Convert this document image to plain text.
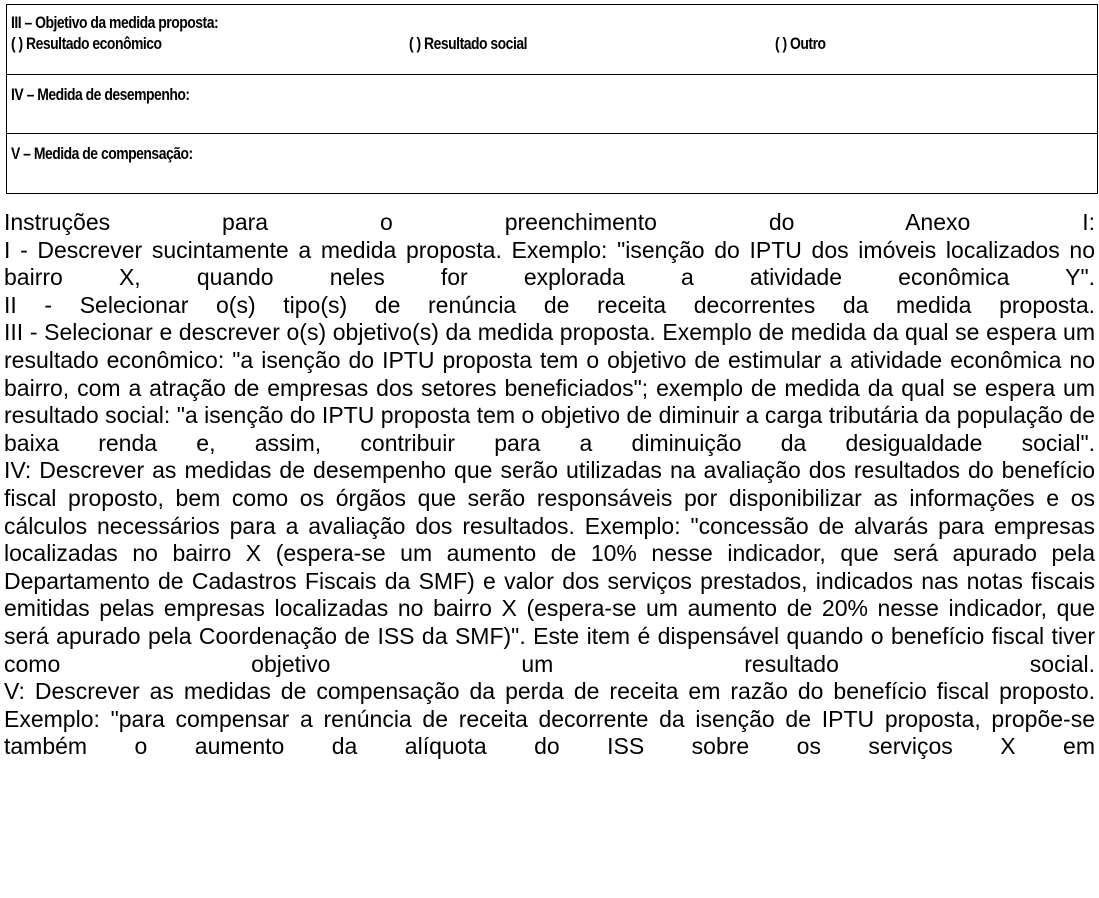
III – Objetivo da medida proposta:
( ) Resultado econômico	( ) Resultado social	( ) Outro

IV – Medida de desempenho:
V – Medida de compensação:

Instruções para o preenchimento do Anexo I:

I - Descrever sucintamente a medida proposta. Exemplo: "isenção do IPTU dos imóveis localizados no bairro X, quando neles for explorada a atividade econômica Y".

II - Selecionar o(s) tipo(s) de renúncia de receita decorrentes da medida proposta.

III - Selecionar e descrever o(s) objetivo(s) da medida proposta. Exemplo de medida da qual se espera um resultado econômico: "a isenção do IPTU proposta tem o objetivo de estimular a atividade econômica no bairro, com a atração de empresas dos setores beneficiados"; exemplo de medida da qual se espera um resultado social: "a isenção do IPTU proposta tem o objetivo de diminuir a carga tributária da população de baixa renda e, assim, contribuir para a diminuição da desigualdade social".

IV: Descrever as medidas de desempenho que serão utilizadas na avaliação dos resultados do benefício fiscal proposto, bem como os órgãos que serão responsáveis por disponibilizar as informações e os cálculos necessários para a avaliação dos resultados. Exemplo: "concessão de alvarás para empresas localizadas no bairro X (espera-se um aumento de 10% nesse indicador, que será apurado pela Departamento de Cadastros Fiscais da SMF) e valor dos serviços prestados, indicados nas notas fiscais emitidas pelas empresas localizadas no bairro X (espera-se um aumento de 20% nesse indicador, que será apurado pela Coordenação de ISS da SMF)". Este item é dispensável quando o benefício fiscal tiver como objetivo um resultado social.

V: Descrever as medidas de compensação da perda de receita em razão do benefício fiscal proposto. Exemplo: "para compensar a renúncia de receita decorrente da isenção de IPTU proposta, propõe-se também o aumento da alíquota do ISS sobre os serviços X em
